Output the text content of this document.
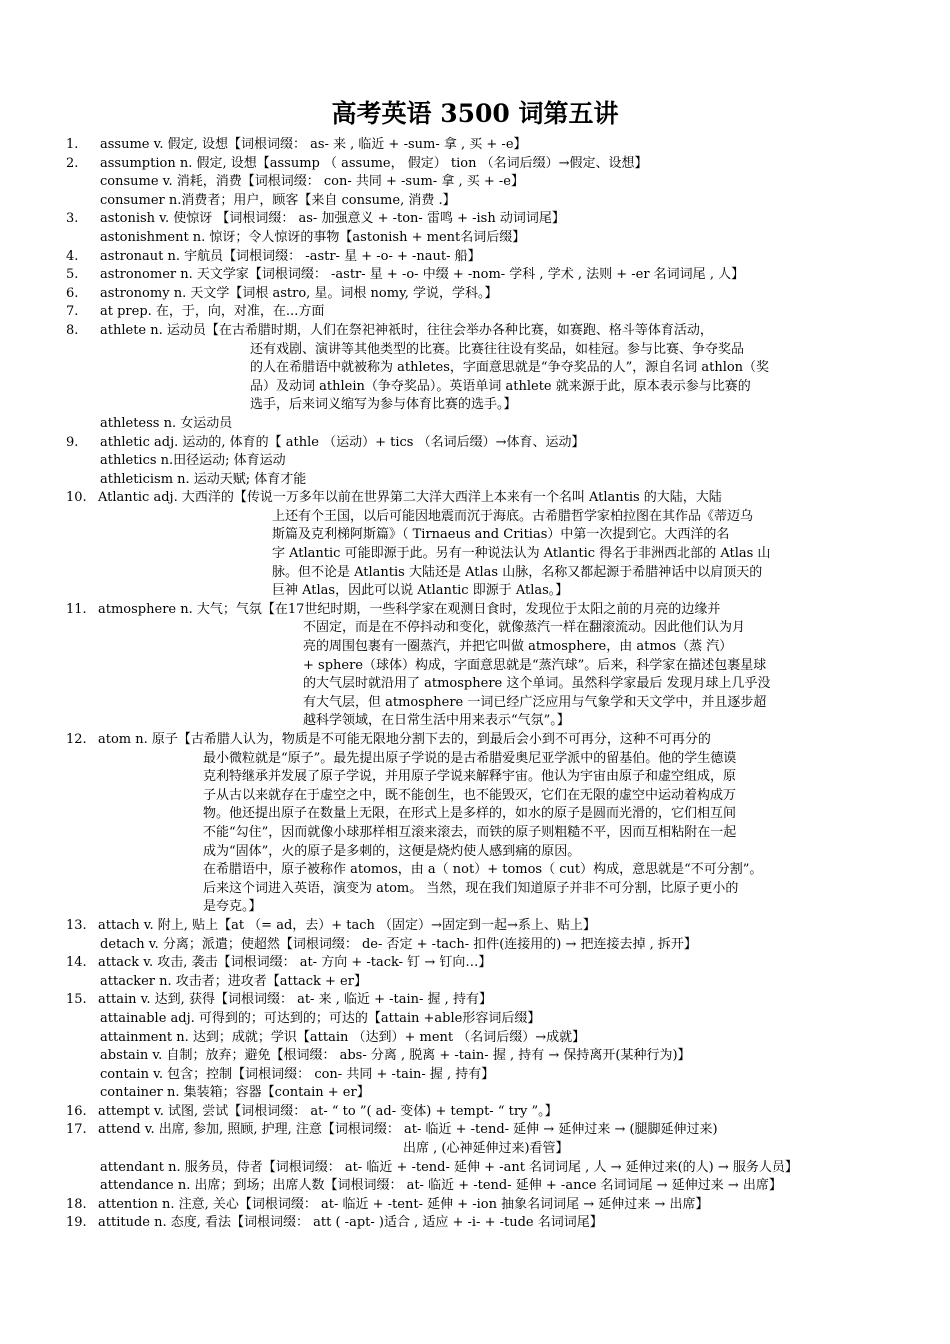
高考英语 3500 词第五讲
1. assume v. 假定, 设想【词根词缀： as- 来 , 临近 + -sum- 拿 , 买 + -e】
2. assumption n. 假定, 设想【assump （ assume， 假定） tion （名词后缀）→假定、设想】
consume v. 消耗，消费【词根词缀： con- 共同 + -sum- 拿 , 买 + -e】
consumer n.消费者；用户，顾客【来自 consume, 消费 .】
3. astonish v. 使惊讶 【词根词缀： as- 加强意义 + -ton- 雷鸣 + -ish 动词词尾】
astonishment n. 惊讶；令人惊讶的事物【astonish + ment名词后缀】
4. astronaut n. 宇航员【词根词缀： -astr- 星 + -o- + -naut- 船】
5. astronomer n. 天文学家【词根词缀： -astr- 星 + -o- 中缀 + -nom- 学科 , 学术 , 法则 + -er 名词词尾 , 人】
6. astronomy n. 天文学【词根 astro, 星。词根 nomy, 学说，学科。】
7. at prep. 在，于，向，对准，在...方面
8. athlete n. 运动员【在古希腊时期，人们在祭祀神祇时，往往会举办各种比赛，如赛跑、格斗等体育活动，
还有戏剧、演讲等其他类型的比赛。比赛往往设有奖品，如桂冠。参与比赛、争夺奖品
的人在希腊语中就被称为 athletes，字面意思就是“争夺奖品的人”，源自名词 athlon（奖
品）及动词 athlein（争夺奖品）。英语单词 athlete 就来源于此，原本表示参与比赛的
选手，后来词义缩写为参与体育比赛的选手。】
athletess n. 女运动员
9. athletic adj. 运动的, 体育的【 athle （运动）+ tics （名词后缀）→体育、运动】
athletics n.田径运动; 体育运动
athleticism n. 运动天赋; 体育才能
10. Atlantic adj. 大西洋的【传说一万多年以前在世界第二大洋大西洋上本来有一个名叫 Atlantis 的大陆，大陆
上还有个王国，以后可能因地震而沉于海底。古希腊哲学家柏拉图在其作品《蒂迈乌
斯篇及克利梯阿斯篇》（ Tirnaeus and Critias）中第一次提到它。大西洋的名
字 Atlantic 可能即源于此。另有一种说法认为 Atlantic 得名于非洲西北部的 Atlas 山
脉。但不论是 Atlantis 大陆还是 Atlas 山脉，名称又都起源于希腊神话中以肩顶天的
巨神 Atlas，因此可以说 Atlantic 即源于 Atlas。】
11. atmosphere n. 大气；气氛【在17世纪时期，一些科学家在观测日食时，发现位于太阳之前的月亮的边缘并
不固定，而是在不停抖动和变化，就像蒸汽一样在翻滚流动。因此他们认为月
亮的周围包裹有一圈蒸汽，并把它叫做 atmosphere，由 atmos（蒸 汽）
+ sphere（球体）构成，字面意思就是“蒸汽球”。后来，科学家在描述包裹星球
的大气层时就沿用了 atmosphere 这个单词。虽然科学家最后 发现月球上几乎没
有大气层，但 atmosphere 一词已经广泛应用与气象学和天文学中，并且逐步超
越科学领域，在日常生活中用来表示“气氛”。】
12. atom n. 原子【古希腊人认为，物质是不可能无限地分割下去的，到最后会小到不可再分，这种不可再分的
最小微粒就是“原子”。最先提出原子学说的是古希腊爱奥尼亚学派中的留基伯。他的学生德谟
克利特继承并发展了原子学说，并用原子学说来解释宇宙。他认为宇宙由原子和虚空组成，原
子从古以来就存在于虚空之中，既不能创生，也不能毁灭，它们在无限的虚空中运动着构成万
物。他还提出原子在数量上无限，在形式上是多样的，如水的原子是圆而光滑的，它们相互间
不能“勾住”，因而就像小球那样相互滚来滚去，而铁的原子则粗糙不平，因而互相粘附在一起
成为“固体”，火的原子是多刺的，这便是烧灼使人感到痛的原因。
在希腊语中，原子被称作 atomos，由 a（ not）+ tomos（ cut）构成，意思就是“不可分割”。
后来这个词进入英语，演变为 atom。 当然，现在我们知道原子并非不可分割，比原子更小的
是夸克。】
13. attach v. 附上, 贴上【at （= ad，去）+ tach （固定）→固定到一起→系上、贴上】
detach v. 分离；派遣；使超然【词根词缀： de- 否定 + -tach- 扣件(连接用的) → 把连接去掉 , 拆开】
14. attack v. 攻击, 袭击【词根词缀： at- 方向 + -tack- 钉 → 钉向…】
attacker n. 攻击者；进攻者【attack + er】
15. attain v. 达到, 获得【词根词缀： at- 来 , 临近 + -tain- 握 , 持有】
attainable adj. 可得到的；可达到的；可达的【attain +able形容词后缀】
attainment n. 达到；成就；学识【attain （达到）+ ment （名词后缀）→成就】
abstain v. 自制；放弃；避免【根词缀： abs- 分离 , 脱离 + -tain- 握 , 持有 → 保持离开(某种行为)】
contain v. 包含；控制【词根词缀： con- 共同 + -tain- 握 , 持有】
container n. 集装箱；容器【contain + er】
16. attempt v. 试图, 尝试【词根词缀： at- “ to ”( ad- 变体) + tempt- “ try ”。】
17. attend v. 出席, 参加, 照顾, 护理, 注意【词根词缀： at- 临近 + -tend- 延伸 → 延伸过来 → (腿脚延伸过来)
出席 , (心神延伸过来)看管】
attendant n. 服务员，侍者【词根词缀： at- 临近 + -tend- 延伸 + -ant 名词词尾 , 人 → 延伸过来(的人) → 服务人员】
attendance n. 出席；到场；出席人数【词根词缀： at- 临近 + -tend- 延伸 + -ance 名词词尾 → 延伸过来 → 出席】
18. attention n. 注意, 关心【词根词缀： at- 临近 + -tent- 延伸 + -ion 抽象名词词尾 → 延伸过来 → 出席】
19. attitude n. 态度, 看法【词根词缀： att ( -apt- )适合 , 适应 + -i- + -tude 名词词尾】
